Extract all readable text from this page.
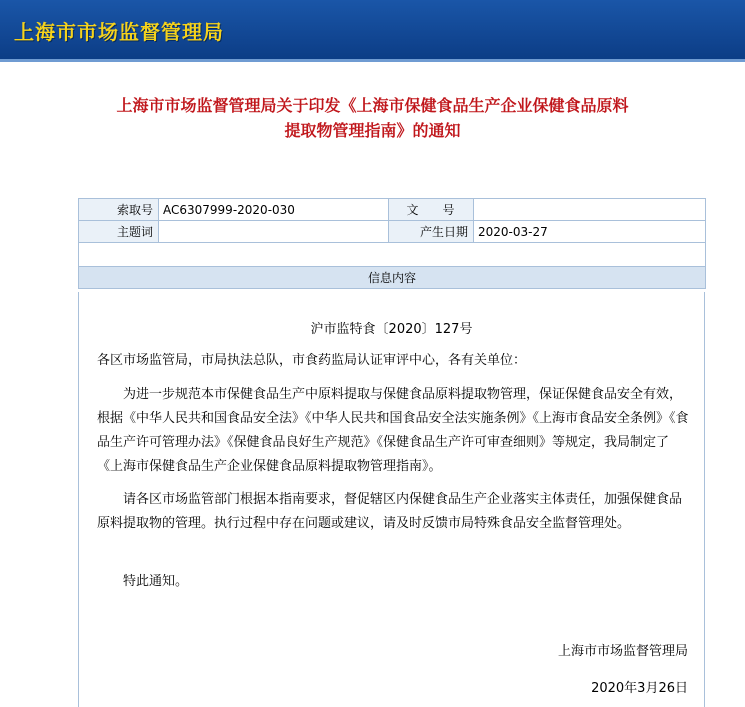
上海市市场监督管理局
上海市市场监督管理局关于印发《上海市保健食品生产企业保健食品原料
提取物管理指南》的通知
索取号	AC6307999-2020-030	文　　号	
主题词		产生日期	2020-03-27

信息内容			
沪市监特食〔2020〕127号

各区市场监管局，市局执法总队，市食药监局认证审评中心，各有关单位：

为进一步规范本市保健食品生产中原料提取与保健食品原料提取物管理，保证保健食品安全有效，根据《中华人民共和国食品安全法》《中华人民共和国食品安全法实施条例》《上海市食品安全条例》《食品生产许可管理办法》《保健食品良好生产规范》《保健食品生产许可审查细则》等规定，我局制定了《上海市保健食品生产企业保健食品原料提取物管理指南》。

请各区市场监管部门根据本指南要求，督促辖区内保健食品生产企业落实主体责任，加强保健食品原料提取物的管理。执行过程中存在问题或建议，请及时反馈市局特殊食品安全监督管理处。

特此通知。

上海市市场监督管理局
2020年3月26日
